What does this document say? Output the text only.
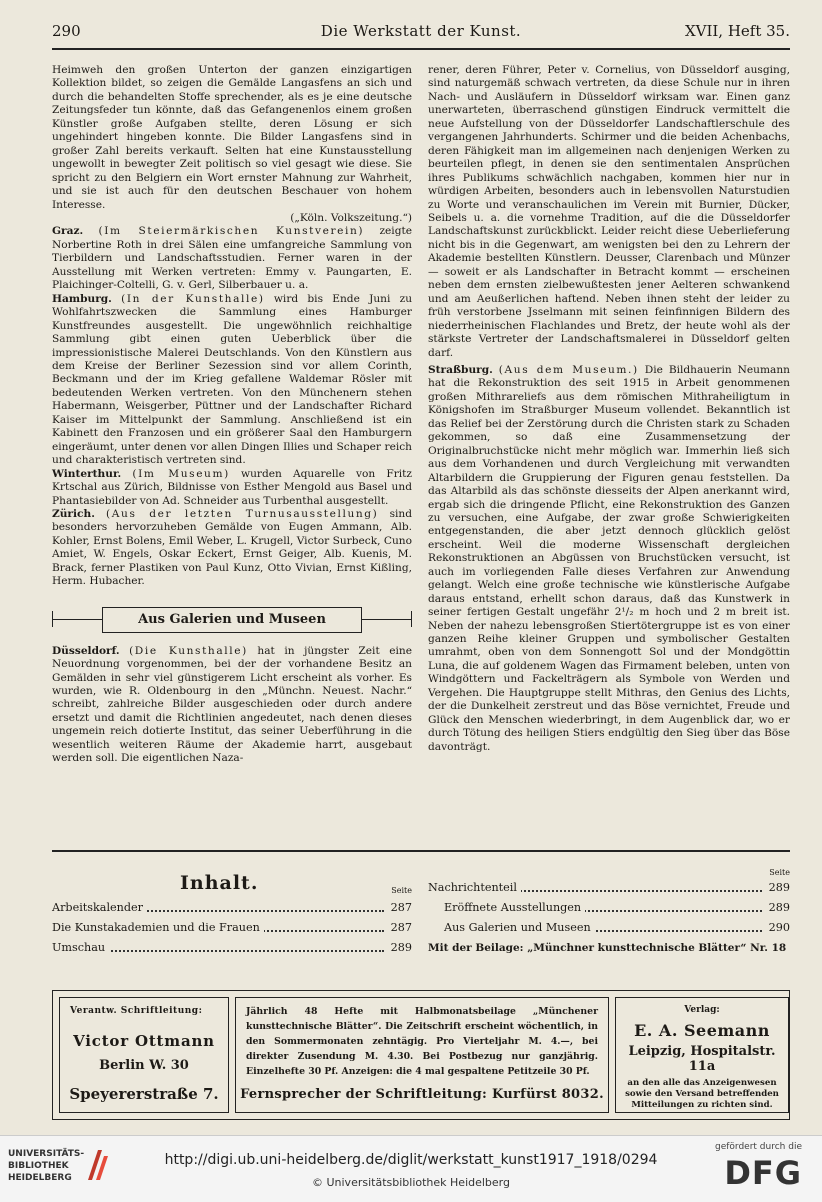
290	Die Werkstatt der Kunst.	XVII, Heft 35.

Heimweh den großen Unterton der ganzen einzigartigen Kollektion bildet, so zeigen die Gemälde Langasfens an sich und durch die behandelten Stoffe sprechender, als es je eine deutsche Zeitungsfeder tun könnte, daß das Gefangenenlos einem großen Künstler große Aufgaben stellte, deren Lösung er sich ungehindert hingeben konnte. Die Bilder Langasfens sind in großer Zahl bereits verkauft. Selten hat eine Kunstausstellung ungewollt in bewegter Zeit politisch so viel gesagt wie diese. Sie spricht zu den Belgiern ein Wort ernster Mahnung zur Wahrheit, und sie ist auch für den deutschen Beschauer von hohem Interesse.

(„Köln. Volkszeitung.“)

Graz. (Im Steiermärkischen Kunstverein) zeigte Norbertine Roth in drei Sälen eine umfangreiche Sammlung von Tierbildern und Landschaftsstudien. Ferner waren in der Ausstellung mit Werken vertreten: Emmy v. Paungarten, E. Plaichinger-Coltelli, G. v. Gerl, Silberbauer u. a.

Hamburg. (In der Kunsthalle) wird bis Ende Juni zu Wohlfahrtszwecken die Sammlung eines Hamburger Kunstfreundes ausgestellt. Die ungewöhnlich reichhaltige Sammlung gibt einen guten Ueberblick über die impressionistische Malerei Deutschlands. Von den Künstlern aus dem Kreise der Berliner Sezession sind vor allem Corinth, Beckmann und der im Krieg gefallene Waldemar Rösler mit bedeutenden Werken vertreten. Von den Münchenern stehen Habermann, Weisgerber, Püttner und der Landschafter Richard Kaiser im Mittelpunkt der Sammlung. Anschließend ist ein Kabinett den Franzosen und ein größerer Saal den Hamburgern eingeräumt, unter denen vor allen Dingen Illies und Schaper reich und charakteristisch vertreten sind.

Winterthur. (Im Museum) wurden Aquarelle von Fritz Krtschal aus Zürich, Bildnisse von Esther Mengold aus Basel und Phantasiebilder von Ad. Schneider aus Turbenthal ausgestellt.

Zürich. (Aus der letzten Turnusausstellung) sind besonders hervorzuheben Gemälde von Eugen Ammann, Alb. Kohler, Ernst Bolens, Emil Weber, L. Krugell, Victor Surbeck, Cuno Amiet, W. Engels, Oskar Eckert, Ernst Geiger, Alb. Kuenis, M. Brack, ferner Plastiken von Paul Kunz, Otto Vivian, Ernst Kißling, Herm. Hubacher.

Aus Galerien und Museen

Düsseldorf. (Die Kunsthalle) hat in jüngster Zeit eine Neuordnung vorgenommen, bei der der vorhandene Besitz an Gemälden in sehr viel günstigerem Licht erscheint als vorher. Es wurden, wie R. Oldenbourg in den „Münchn. Neuest. Nachr.“ schreibt, zahlreiche Bilder ausgeschieden oder durch andere ersetzt und damit die Richtlinien angedeutet, nach denen dieses ungemein reich dotierte Institut, das seiner Ueberführung in die wesentlich weiteren Räume der Akademie harrt, ausgebaut werden soll. Die eigentlichen Naza-

rener, deren Führer, Peter v. Cornelius, von Düsseldorf ausging, sind naturgemäß schwach vertreten, da diese Schule nur in ihren Nach- und Ausläufern in Düsseldorf wirksam war. Einen ganz unerwarteten, überraschend günstigen Eindruck vermittelt die neue Aufstellung von der Düsseldorfer Landschaftlerschule des vergangenen Jahrhunderts. Schirmer und die beiden Achenbachs, deren Fähigkeit man im allgemeinen nach denjenigen Werken zu beurteilen pflegt, in denen sie den sentimentalen Ansprüchen ihres Publikums schwächlich nachgaben, kommen hier nur in würdigen Arbeiten, besonders auch in lebensvollen Naturstudien zu Worte und veranschaulichen im Verein mit Burnier, Dücker, Seibels u. a. die vornehme Tradition, auf die die Düsseldorfer Landschaftskunst zurückblickt. Leider reicht diese Ueberlieferung nicht bis in die Gegenwart, am wenigsten bei den zu Lehrern der Akademie bestellten Künstlern. Deusser, Clarenbach und Münzer — soweit er als Landschafter in Betracht kommt — erscheinen neben dem ernsten zielbewußtesten jener Aelteren schwankend und am Aeußerlichen haftend. Neben ihnen steht der leider zu früh verstorbene Jsselmann mit seinen feinfinnigen Bildern des niederrheinischen Flachlandes und Bretz, der heute wohl als der stärkste Vertreter der Landschaftsmalerei in Düsseldorf gelten darf.

Straßburg. (Aus dem Museum.) Die Bildhauerin Neumann hat die Rekonstruktion des seit 1915 in Arbeit genommenen großen Mithrareliefs aus dem römischen Mithraheiligtum in Königshofen im Straßburger Museum vollendet. Bekanntlich ist das Relief bei der Zerstörung durch die Christen stark zu Schaden gekommen, so daß eine Zusammensetzung der Originalbruchstücke nicht mehr möglich war. Immerhin ließ sich aus dem Vorhandenen und durch Vergleichung mit verwandten Altarbildern die Gruppierung der Figuren genau feststellen. Da das Altarbild als das schönste diesseits der Alpen anerkannt wird, ergab sich die dringende Pflicht, eine Rekonstruktion des Ganzen zu versuchen, eine Aufgabe, der zwar große Schwierigkeiten entgegenstanden, die aber jetzt dennoch glücklich gelöst erscheint. Weil die moderne Wissenschaft dergleichen Rekonstruktionen an Abgüssen von Bruchstücken versucht, ist auch im vorliegenden Falle dieses Verfahren zur Anwendung gelangt. Welch eine große technische wie künstlerische Aufgabe daraus entstand, erhellt schon daraus, daß das Kunstwerk in seiner fertigen Gestalt ungefähr 2¹/₂ m hoch und 2 m breit ist. Neben der nahezu lebensgroßen Stiertötergruppe ist es von einer ganzen Reihe kleiner Gruppen und symbolischer Gestalten umrahmt, oben von dem Sonnengott Sol und der Mondgöttin Luna, die auf goldenem Wagen das Firmament beleben, unten von Windgöttern und Fackelträgern als Symbole von Werden und Vergehen. Die Hauptgruppe stellt Mithras, den Genius des Lichts, der die Dunkelheit zerstreut und das Böse vernichtet, Freude und Glück den Menschen wiederbringt, in dem Augenblick dar, wo er durch Tötung des heiligen Stiers endgültig den Sieg über das Böse davonträgt.

Inhalt.	Seite
Arbeitskalender	287
Die Kunstakademien und die Frauen	287
Umschau	289
Seite
Nachrichtenteil	289
Eröffnete Ausstellungen	289
Aus Galerien und Museen	290
Mit der Beilage: „Münchner kunsttechnische Blätter“ Nr. 18
Verantw. Schriftleitung:
Victor Ottmann
Berlin W. 30
Speyererstraße 7.
Jährlich 48 Hefte mit Halbmonatsbeilage „Münchener kunsttechnische Blätter“. Die Zeitschrift erscheint wöchentlich, in den Sommermonaten zehntägig. Pro Vierteljahr M. 4.—, bei direkter Zusendung M. 4.30. Bei Postbezug nur ganzjährig. Einzelhefte 30 Pf. Anzeigen: die 4 mal gespaltene Petitzeile 30 Pf.
Fernsprecher der Schriftleitung: Kurfürst 8032.
Verlag:
E. A. Seemann
Leipzig, Hospitalstr. 11a
an den alle das Anzeigenwesen sowie den Versand betreffenden Mitteilungen zu richten sind.
UNIVERSITÄTS-
BIBLIOTHEK
HEIDELBERG
http://digi.ub.uni-heidelberg.de/diglit/werkstatt_kunst1917_1918/0294
© Universitätsbibliothek Heidelberg
gefördert durch die
DFG
